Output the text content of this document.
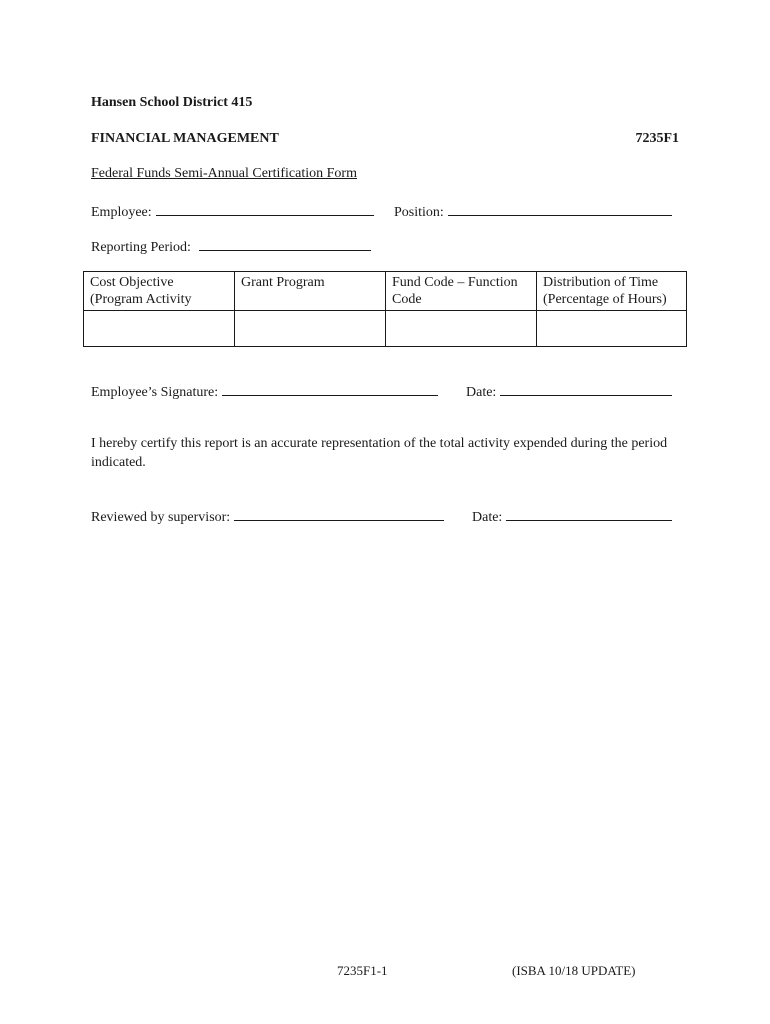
Hansen School District 415
FINANCIAL MANAGEMENT	7235F1
Federal Funds Semi-Annual Certification Form
Employee:	Position:
Reporting Period:
Cost Objective (Program Activity	Grant Program	Fund Code – Function Code	Distribution of Time (Percentage of Hours)

Employee’s Signature:	Date:
I hereby certify this report is an accurate representation of the total activity expended during the period indicated.
Reviewed by supervisor:	Date:
7235F1-1	(ISBA 10/18 UPDATE)
